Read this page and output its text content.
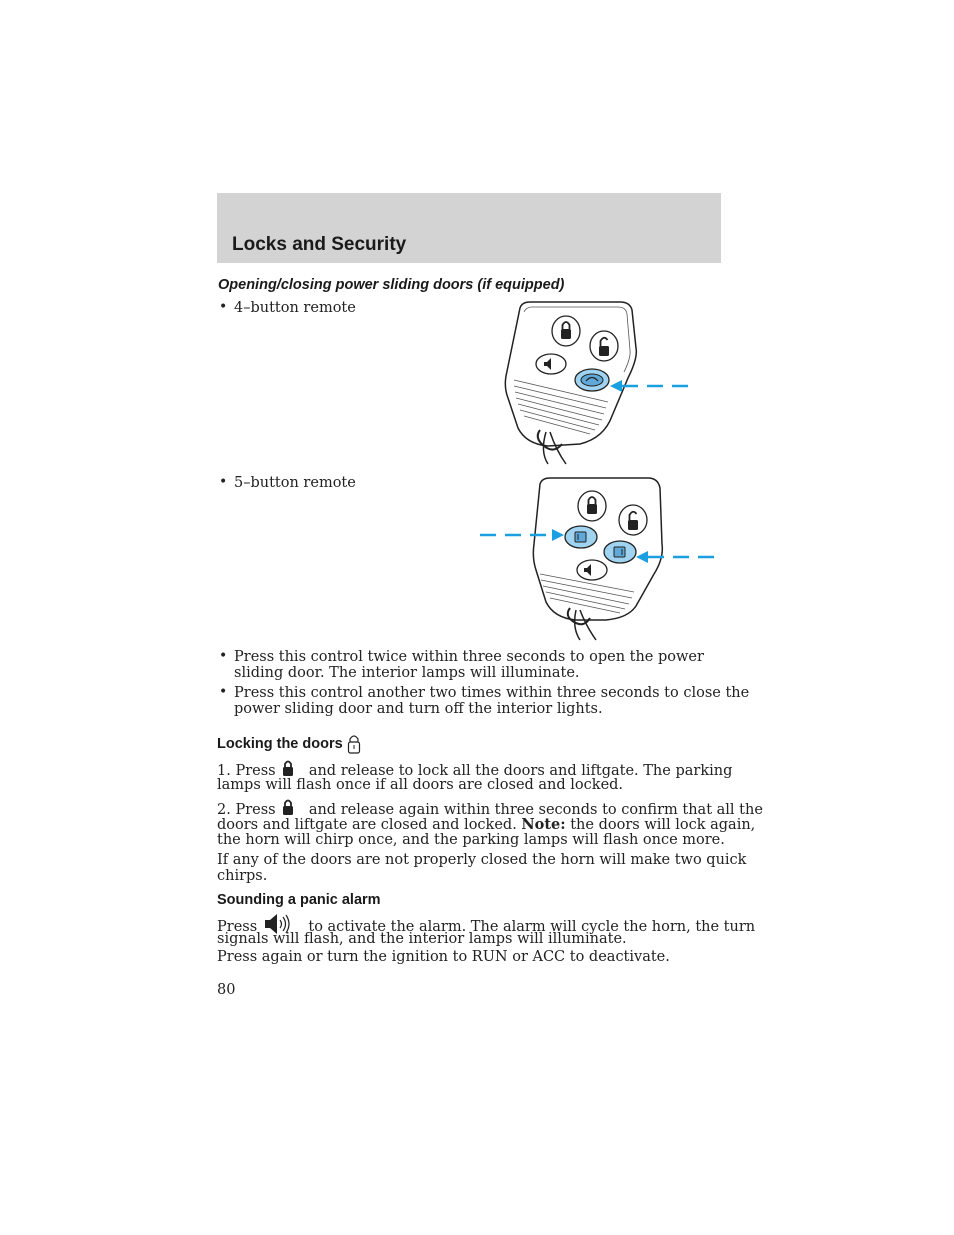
Locks and Security
Opening/closing power sliding doors (if equipped)
• 4–button remote
• 5–button remote
• Press this control twice within three seconds to open the power
sliding door. The interior lamps will illuminate.
• Press this control another two times within three seconds to close the
power sliding door and turn off the interior lights.
Locking the doors
1. Press and release to lock all the doors and liftgate. The parking
lamps will flash once if all doors are closed and locked.
2. Press and release again within three seconds to confirm that all the
doors and liftgate are closed and locked. Note: the doors will lock again,
the horn will chirp once, and the parking lamps will flash once more.
If any of the doors are not properly closed the horn will make two quick
chirps.
Sounding a panic alarm
Press	to activate the alarm. The alarm will cycle the horn, the turn
signals will flash, and the interior lamps will illuminate.
Press again or turn the ignition to RUN or ACC to deactivate.
80
